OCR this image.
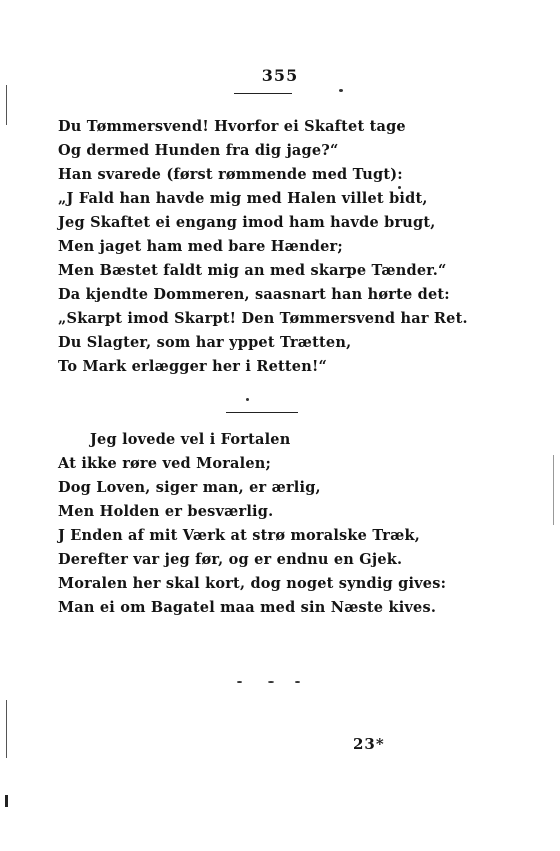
355
Du Tømmersvend! Hvorfor ei Skaftet tage
Og dermed Hunden fra dig jage?“
Han svarede (først rømmende med Tugt):
„J Fald han havde mig med Halen villet bidt,
Jeg Skaftet ei engang imod ham havde brugt,
Men jaget ham med bare Hænder;
Men Bæstet faldt mig an med skarpe Tænder.“
Da kjendte Dommeren, saasnart han hørte det:
„Skarpt imod Skarpt! Den Tømmersvend har Ret.
Du Slagter, som har yppet Trætten,
To Mark erlægger her i Retten!“
Jeg lovede vel i Fortalen
At ikke røre ved Moralen;
Dog Loven, siger man, er ærlig,
Men Holden er besværlig.
J Enden af mit Værk at strø moralske Træk,
Derefter var jeg før, og er endnu en Gjek.
Moralen her skal kort, dog noget syndig gives:
Man ei om Bagatel maa med sin Næste kives.
23*
